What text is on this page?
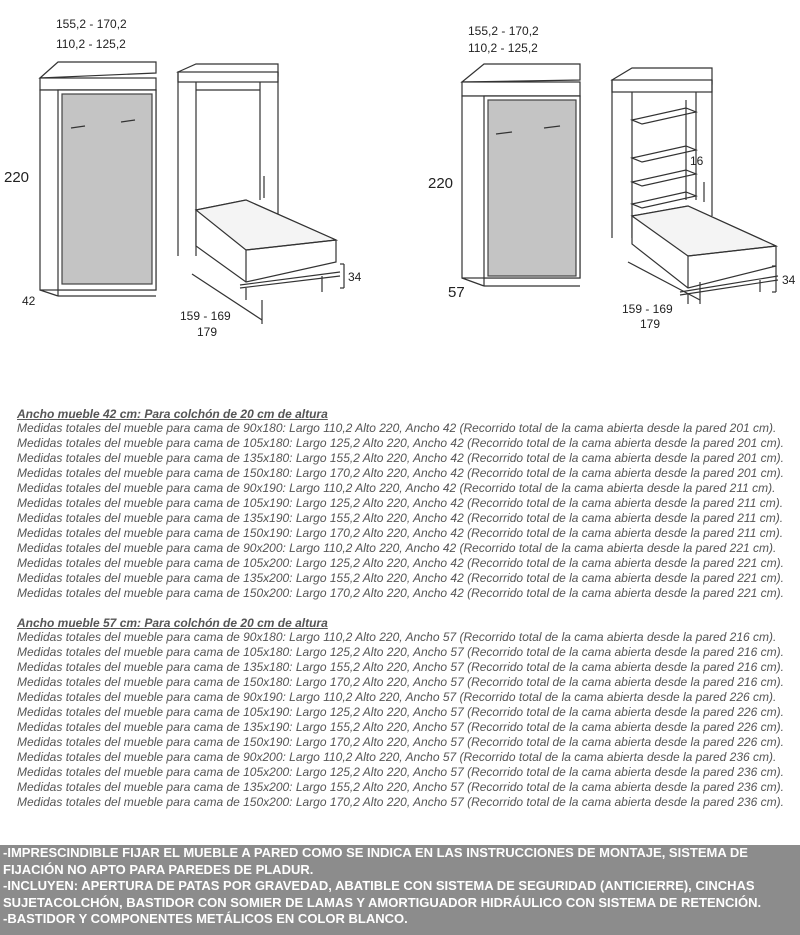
155,2 - 170,2
110,2 - 125,2
220
42
159 - 169
179
34
155,2 - 170,2
110,2 - 125,2
220
57
16
159 - 169
179
34
Ancho mueble 42 cm: Para colchón de 20 cm de altura
Medidas totales del mueble para cama de 90x180: Largo 110,2 Alto 220, Ancho 42 (Recorrido total de la cama abierta desde la pared 201 cm).
Medidas totales del mueble para cama de 105x180: Largo 125,2 Alto 220, Ancho 42 (Recorrido total de la cama abierta desde la pared 201 cm).
Medidas totales del mueble para cama de 135x180: Largo 155,2 Alto 220, Ancho 42 (Recorrido total de la cama abierta desde la pared 201 cm).
Medidas totales del mueble para cama de 150x180: Largo 170,2 Alto 220, Ancho 42 (Recorrido total de la cama abierta desde la pared 201 cm).
Medidas totales del mueble para cama de 90x190: Largo 110,2 Alto 220, Ancho 42 (Recorrido total de la cama abierta desde la pared 211 cm).
Medidas totales del mueble para cama de 105x190: Largo 125,2 Alto 220, Ancho 42 (Recorrido total de la cama abierta desde la pared 211 cm).
Medidas totales del mueble para cama de 135x190: Largo 155,2 Alto 220, Ancho 42 (Recorrido total de la cama abierta desde la pared 211 cm).
Medidas totales del mueble para cama de 150x190: Largo 170,2 Alto 220, Ancho 42 (Recorrido total de la cama abierta desde la pared 211 cm).
Medidas totales del mueble para cama de 90x200: Largo 110,2 Alto 220, Ancho 42 (Recorrido total de la cama abierta desde la pared 221 cm).
Medidas totales del mueble para cama de 105x200: Largo 125,2 Alto 220, Ancho 42 (Recorrido total de la cama abierta desde la pared 221 cm).
Medidas totales del mueble para cama de 135x200: Largo 155,2 Alto 220, Ancho 42 (Recorrido total de la cama abierta desde la pared 221 cm).
Medidas totales del mueble para cama de 150x200: Largo 170,2 Alto 220, Ancho 42 (Recorrido total de la cama abierta desde la pared 221 cm).
Ancho mueble 57 cm: Para colchón de 20 cm de altura
Medidas totales del mueble para cama de 90x180: Largo 110,2 Alto 220, Ancho 57 (Recorrido total de la cama abierta desde la pared 216 cm).
Medidas totales del mueble para cama de 105x180: Largo 125,2 Alto 220, Ancho 57 (Recorrido total de la cama abierta desde la pared 216 cm).
Medidas totales del mueble para cama de 135x180: Largo 155,2 Alto 220, Ancho 57 (Recorrido total de la cama abierta desde la pared 216 cm).
Medidas totales del mueble para cama de 150x180: Largo 170,2 Alto 220, Ancho 57 (Recorrido total de la cama abierta desde la pared 216 cm).
Medidas totales del mueble para cama de 90x190: Largo 110,2 Alto 220, Ancho 57 (Recorrido total de la cama abierta desde la pared 226 cm).
Medidas totales del mueble para cama de 105x190: Largo 125,2 Alto 220, Ancho 57 (Recorrido total de la cama abierta desde la pared 226 cm).
Medidas totales del mueble para cama de 135x190: Largo 155,2 Alto 220, Ancho 57 (Recorrido total de la cama abierta desde la pared 226 cm).
Medidas totales del mueble para cama de 150x190: Largo 170,2 Alto 220, Ancho 57 (Recorrido total de la cama abierta desde la pared 226 cm).
Medidas totales del mueble para cama de 90x200: Largo 110,2 Alto 220, Ancho 57 (Recorrido total de la cama abierta desde la pared 236 cm).
Medidas totales del mueble para cama de 105x200: Largo 125,2 Alto 220, Ancho 57 (Recorrido total de la cama abierta desde la pared 236 cm).
Medidas totales del mueble para cama de 135x200: Largo 155,2 Alto 220, Ancho 57 (Recorrido total de la cama abierta desde la pared 236 cm).
Medidas totales del mueble para cama de 150x200: Largo 170,2 Alto 220, Ancho 57 (Recorrido total de la cama abierta desde la pared 236 cm).
-IMPRESCINDIBLE FIJAR EL MUEBLE A PARED COMO SE INDICA EN LAS INSTRUCCIONES DE MONTAJE, SISTEMA DE FIJACIÓN NO APTO PARA PAREDES DE PLADUR.
-INCLUYEN: APERTURA DE PATAS POR GRAVEDAD, ABATIBLE CON SISTEMA DE SEGURIDAD (ANTICIERRE), CINCHAS SUJETACOLCHÓN, BASTIDOR CON SOMIER DE LAMAS Y AMORTIGUADOR HIDRÁULICO CON SISTEMA DE RETENCIÓN.
-BASTIDOR Y COMPONENTES METÁLICOS EN COLOR BLANCO.
